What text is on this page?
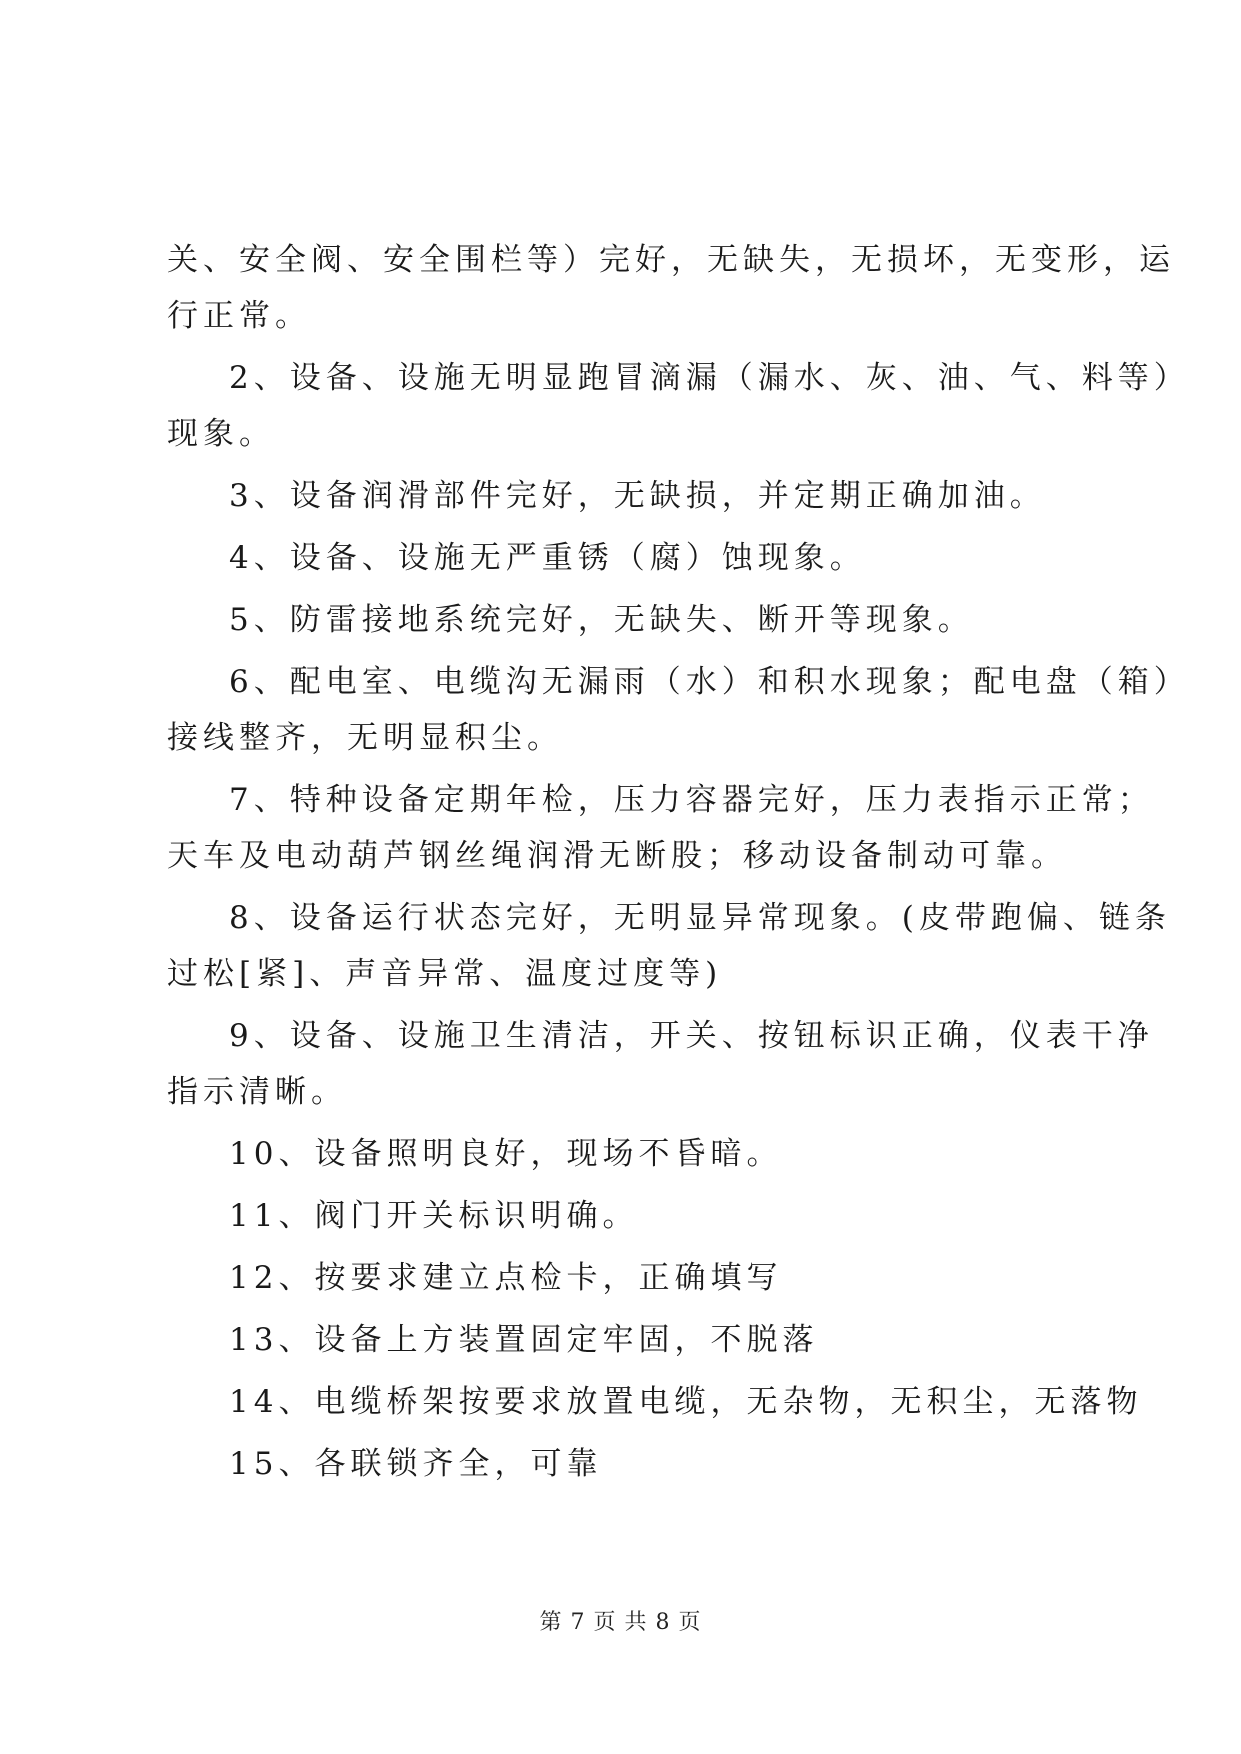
关、安全阀、安全围栏等）完好，无缺失，无损坏，无变形，运
行正常。
2、设备、设施无明显跑冒滴漏（漏水、灰、油、气、料等）
现象。
3、设备润滑部件完好，无缺损，并定期正确加油。
4、设备、设施无严重锈（腐）蚀现象。
5、防雷接地系统完好，无缺失、断开等现象。
6、配电室、电缆沟无漏雨（水）和积水现象；配电盘（箱）
接线整齐，无明显积尘。
7、特种设备定期年检，压力容器完好，压力表指示正常；
天车及电动葫芦钢丝绳润滑无断股；移动设备制动可靠。
8、设备运行状态完好，无明显异常现象。(皮带跑偏、链条
过松[紧]、声音异常、温度过度等)
9、设备、设施卫生清洁，开关、按钮标识正确，仪表干净
指示清晰。
10、设备照明良好，现场不昏暗。
11、阀门开关标识明确。
12、按要求建立点检卡，正确填写
13、设备上方装置固定牢固，不脱落
14、电缆桥架按要求放置电缆，无杂物，无积尘，无落物
15、各联锁齐全，可靠
第 7 页 共 8 页
